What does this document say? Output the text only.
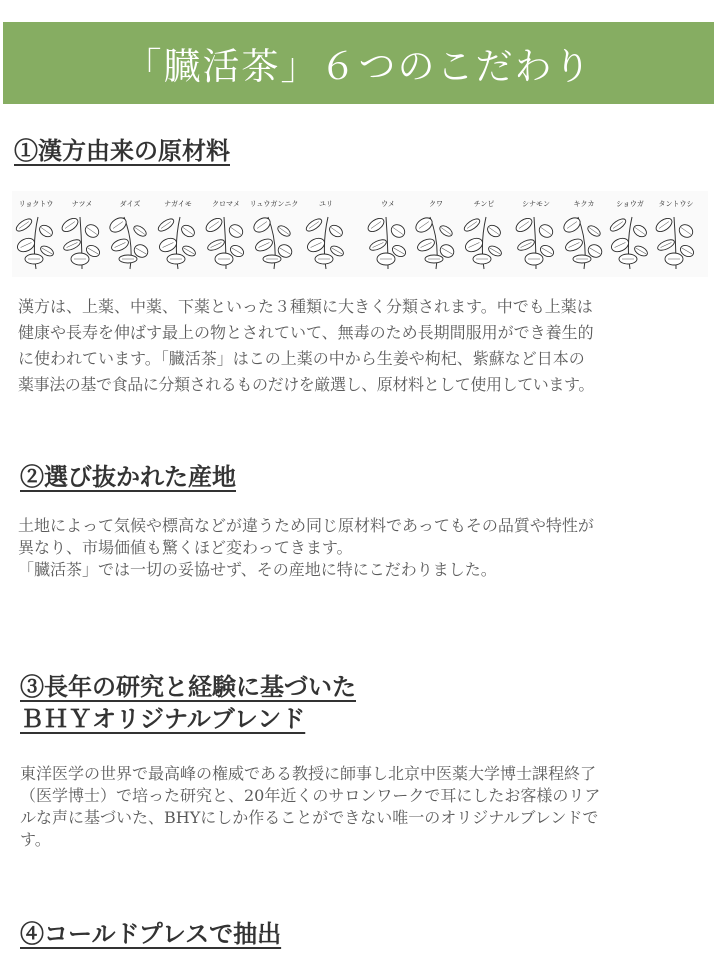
「臓活茶」６つのこだわり
①漢方由来の原材料
リョクトウ	ナツメ	ダイズ	ナガイモ	クロマメ	リュウガンニク	ユリ	ウメ	クワ	チンピ	シナモン	キクカ	ショウガ	タントウシ
漢方は、上薬、中薬、下薬といった３種類に大きく分類されます。中でも上薬は
健康や長寿を伸ばす最上の物とされていて、無毒のため長期間服用ができ養生的
に使われています。「臓活茶」はこの上薬の中から生姜や枸杞、紫蘇など日本の
薬事法の基で食品に分類されるものだけを厳選し、原材料として使用しています。
②選び抜かれた産地
土地によって気候や標高などが違うため同じ原材料であってもその品質や特性が
異なり、市場価値も驚くほど変わってきます。
「臓活茶」では一切の妥協せず、その産地に特にこだわりました。
③長年の研究と経験に基づいた
ＢＨＹオリジナルブレンド
東洋医学の世界で最高峰の権威である教授に師事し北京中医薬大学博士課程終了
（医学博士）で培った研究と、20年近くのサロンワークで耳にしたお客様のリア
ルな声に基づいた、BHYにしか作ることができない唯一のオリジナルブレンドで
す。
④コールドプレスで抽出
